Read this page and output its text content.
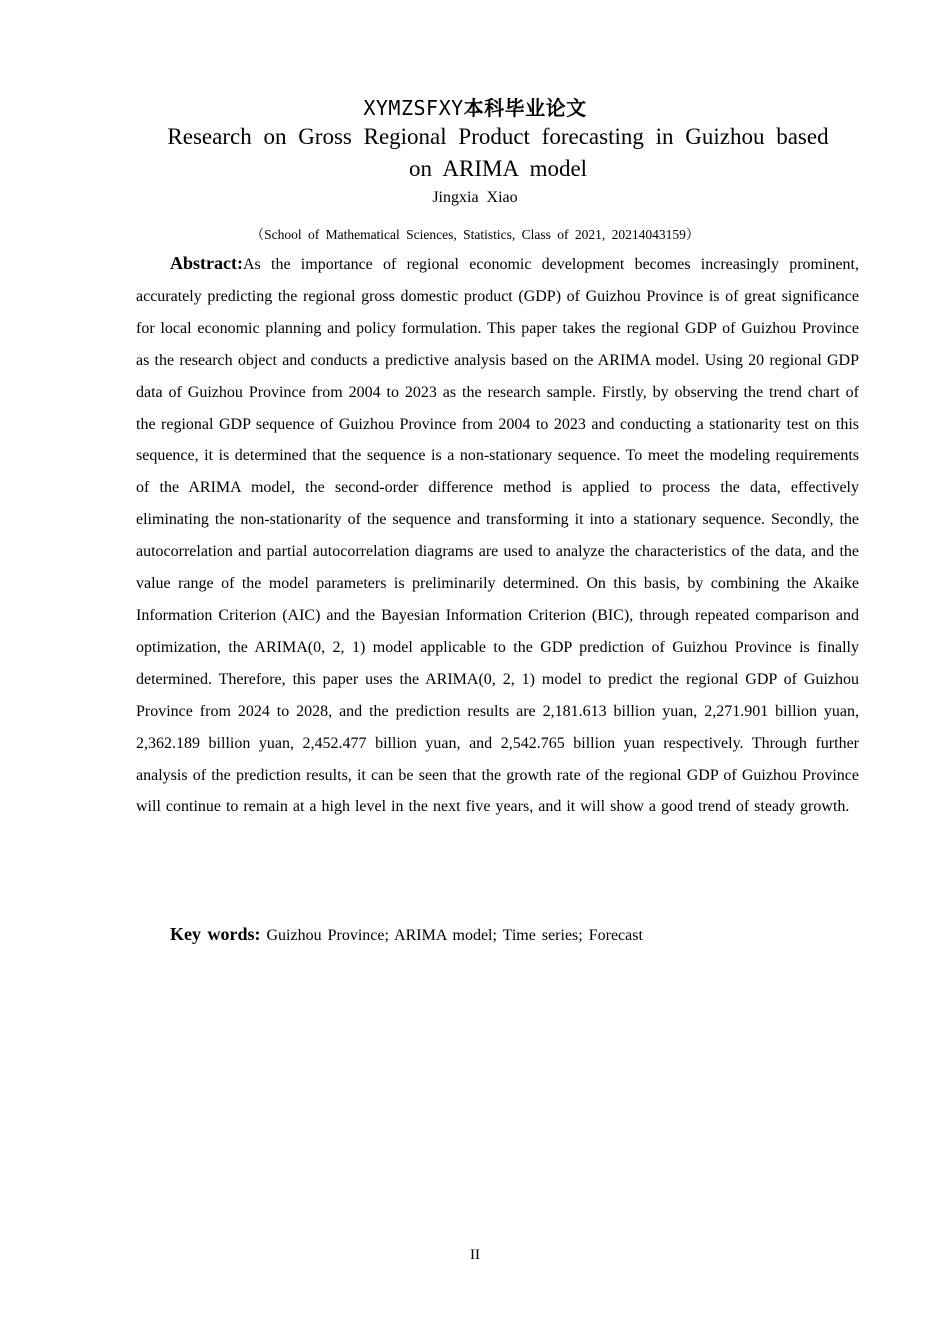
XYMZSFXY本科毕业论文
Research on Gross Regional Product forecasting in Guizhou based on ARIMA model
Jingxia Xiao
（School of Mathematical Sciences, Statistics, Class of 2021, 20214043159）
Abstract:As the importance of regional economic development becomes increasingly prominent, accurately predicting the regional gross domestic product (GDP) of Guizhou Province is of great significance for local economic planning and policy formulation. This paper takes the regional GDP of Guizhou Province as the research object and conducts a predictive analysis based on the ARIMA model. Using 20 regional GDP data of Guizhou Province from 2004 to 2023 as the research sample. Firstly, by observing the trend chart of the regional GDP sequence of Guizhou Province from 2004 to 2023 and conducting a stationarity test on this sequence, it is determined that the sequence is a non-stationary sequence. To meet the modeling requirements of the ARIMA model, the second-order difference method is applied to process the data, effectively eliminating the non-stationarity of the sequence and transforming it into a stationary sequence. Secondly, the autocorrelation and partial autocorrelation diagrams are used to analyze the characteristics of the data, and the value range of the model parameters is preliminarily determined. On this basis, by combining the Akaike Information Criterion (AIC) and the Bayesian Information Criterion (BIC), through repeated comparison and optimization, the ARIMA(0, 2, 1) model applicable to the GDP prediction of Guizhou Province is finally determined. Therefore, this paper uses the ARIMA(0, 2, 1) model to predict the regional GDP of Guizhou Province from 2024 to 2028, and the prediction results are 2,181.613 billion yuan, 2,271.901 billion yuan, 2,362.189 billion yuan, 2,452.477 billion yuan, and 2,542.765 billion yuan respectively. Through further analysis of the prediction results, it can be seen that the growth rate of the regional GDP of Guizhou Province will continue to remain at a high level in the next five years, and it will show a good trend of steady growth.
Key words: Guizhou Province; ARIMA model; Time series; Forecast
II
